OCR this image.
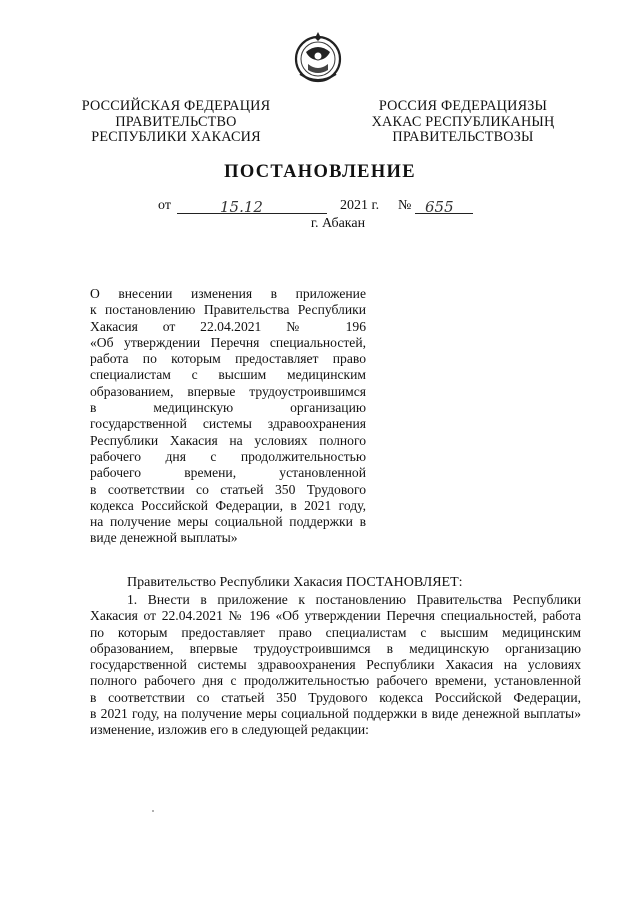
РОССИЙСКАЯ ФЕДЕРАЦИЯ
ПРАВИТЕЛЬСТВО
РЕСПУБЛИКИ ХАКАСИЯ
РОССИЯ ФЕДЕРАЦИЯЗЫ
ХАКАС РЕСПУБЛИКАНЫҢ
ПРАВИТЕЛЬСТВОЗЫ
ПОСТАНОВЛЕНИЕ
от	15.12	2021 г. № 655
г. Абакан
О внесении изменения в приложение
к постановлению Правительства Республики
Хакасия от 22.04.2021 № 196
«Об утверждении Перечня специальностей,
работа по которым предоставляет право
специалистам с высшим медицинским
образованием, впервые трудоустроившимся
в медицинскую организацию
государственной системы здравоохранения
Республики Хакасия на условиях полного
рабочего дня с продолжительностью
рабочего времени, установленной
в соответствии со статьей 350 Трудового
кодекса Российской Федерации, в 2021 году,
на получение меры социальной поддержки в
виде денежной выплаты»
Правительство Республики Хакасия ПОСТАНОВЛЯЕТ:
1. Внести в приложение к постановлению Правительства Республики
Хакасия от 22.04.2021 № 196 «Об утверждении Перечня специальностей, работа
по которым предоставляет право специалистам с высшим медицинским
образованием, впервые трудоустроившимся в медицинскую организацию
государственной системы здравоохранения Республики Хакасия на условиях
полного рабочего дня с продолжительностью рабочего времени, установленной
в соответствии со статьей 350 Трудового кодекса Российской Федерации,
в 2021 году, на получение меры социальной поддержки в виде денежной выплаты»
изменение, изложив его в следующей редакции:
